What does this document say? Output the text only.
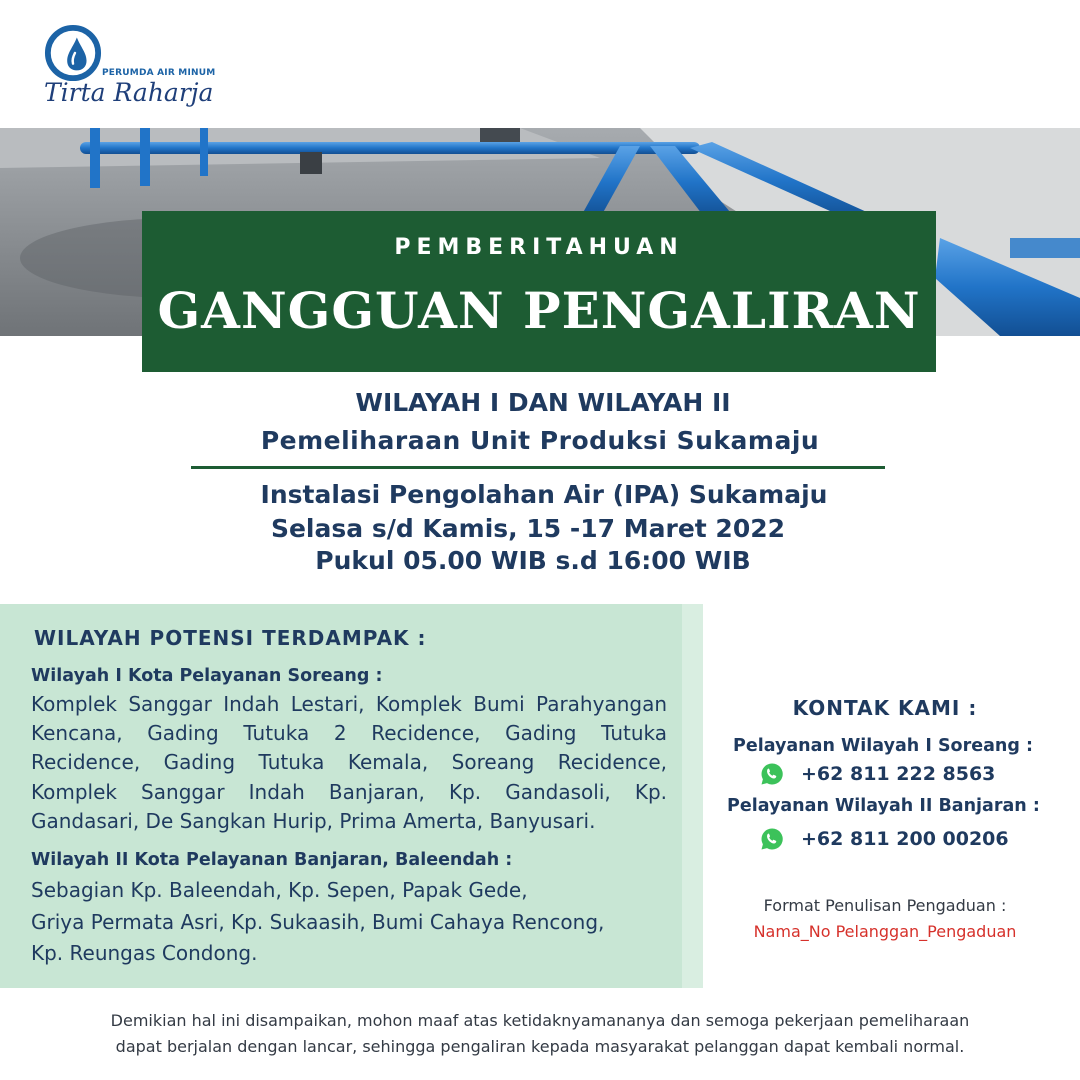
PERUMDA AIR MINUM
Tirta Raharja
PEMBERITAHUAN
GANGGUAN PENGALIRAN
WILAYAH I DAN WILAYAH II
Pemeliharaan Unit Produksi Sukamaju
Instalasi Pengolahan Air (IPA) Sukamaju
Selasa s/d Kamis, 15 -17 Maret 2022
Pukul 05.00 WIB s.d 16:00 WIB
WILAYAH POTENSI TERDAMPAK :
Wilayah I Kota Pelayanan Soreang :
Komplek Sanggar Indah Lestari, Komplek Bumi Parahyangan Kencana, Gading Tutuka 2 Recidence, Gading Tutuka Recidence, Gading Tutuka Kemala, Soreang Recidence, Komplek Sanggar Indah Banjaran, Kp. Gandasoli, Kp. Gandasari, De Sangkan Hurip, Prima Amerta, Banyusari.
Wilayah II Kota Pelayanan Banjaran, Baleendah :
Sebagian Kp. Baleendah, Kp. Sepen, Papak Gede,
Griya Permata Asri, Kp. Sukaasih, Bumi Cahaya Rencong,
Kp. Reungas Condong.
KONTAK KAMI :
Pelayanan Wilayah I Soreang :
+62 811 222 8563
Pelayanan Wilayah II Banjaran :
+62 811 200 00206
Format Penulisan Pengaduan :
Nama_No Pelanggan_Pengaduan
Demikian hal ini disampaikan, mohon maaf atas ketidaknyamananya dan semoga pekerjaan pemeliharaan
dapat berjalan dengan lancar, sehingga pengaliran kepada masyarakat pelanggan dapat kembali normal.
